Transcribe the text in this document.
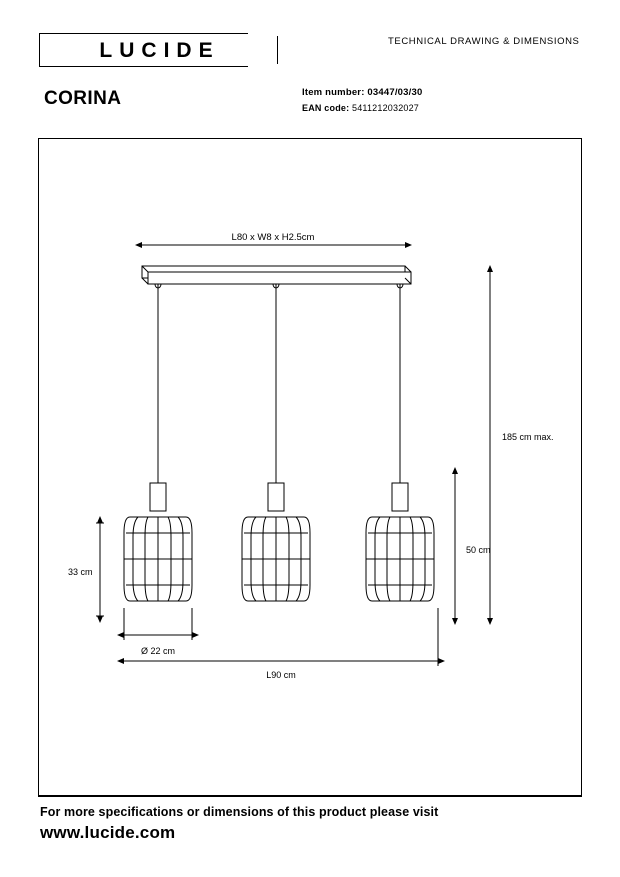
LUCIDE	TECHNICAL DRAWING & DIMENSIONS
CORINA	Item number: 03447/03/30
EAN code: 5411212032027
L80 x W8 x H2.5cm
185 cm max.
50 cm
33 cm
Ø 22 cm
L90 cm
For more specifications or dimensions of this product please visit
www.lucide.com
